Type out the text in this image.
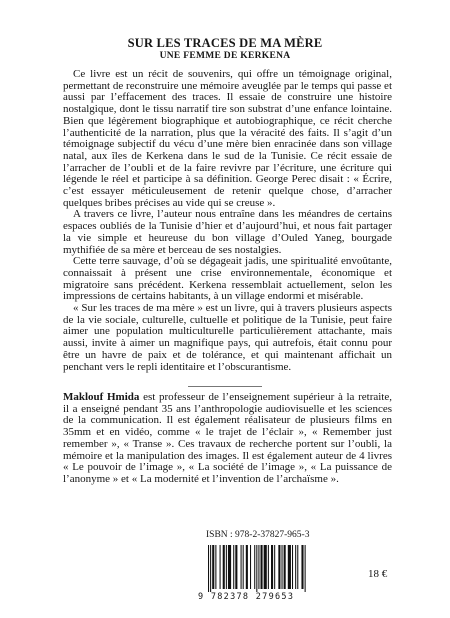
SUR LES TRACES DE MA MÈRE
UNE FEMME DE KERKENA

Ce livre est un récit de souvenirs, qui offre un témoignage original, permettant de reconstruire une mémoire aveuglée par le temps qui passe et aussi par l’effacement des traces. Il essaie de construire une histoire nostalgique, dont le tissu narratif tire son substrat d’une enfance lointaine. Bien que légèrement biographique et autobiographique, ce récit cherche l’authenticité de la narration, plus que la véracité des faits. Il s’agit d’un témoignage subjectif du vécu d’une mère bien enracinée dans son village natal, aux îles de Kerkena dans le sud de la Tunisie. Ce récit essaie de l’arracher de l’oubli et de la faire revivre par l’écriture, une écriture qui légende le réel et participe à sa définition. George Perec disait : « Écrire, c’est essayer méticuleusement de retenir quelque chose, d’arracher quelques bribes précises au vide qui se creuse ».

A travers ce livre, l’auteur nous entraîne dans les méandres de certains espaces oubliés de la Tunisie d’hier et d’aujourd’hui, et nous fait partager la vie simple et heureuse du bon village d’Ouled Yaneg, bourgade mythifiée de sa mère et berceau de ses nostalgies.

Cette terre sauvage, d’où se dégageait jadis, une spiritualité envoûtante, connaissait à présent une crise environnementale, économique et migratoire sans précédent. Kerkena ressemblait actuellement, selon les impressions de certains habitants, à un village endormi et misérable.

« Sur les traces de ma mère » est un livre, qui à travers plusieurs aspects de la vie sociale, culturelle, cultuelle et politique de la Tunisie, peut faire aimer une population multiculturelle particulièrement attachante, mais aussi, invite à aimer un magnifique pays, qui autrefois, était connu pour être un havre de paix et de tolérance, et qui maintenant affichait un penchant vers le repli identitaire et l’obscurantisme.

Maklouf Hmida est professeur de l’enseignement supérieur à la retraite, il a enseigné pendant 35 ans l’anthropologie audiovisuelle et les sciences de la communication. Il est également réalisateur de plusieurs films en 35mm et en vidéo, comme « le trajet de l’éclair », « Remember just remember », « Transe ». Ces travaux de recherche portent sur l’oubli, la mémoire et la manipulation des images. Il est également auteur de 4 livres « Le pouvoir de l’image », « La société de l’image », « La puissance de l’anonyme » et « La modernité et l’invention de l’archaïsme ».

ISBN : 978-2-37827-965-3
9 782378 279653
18 €
